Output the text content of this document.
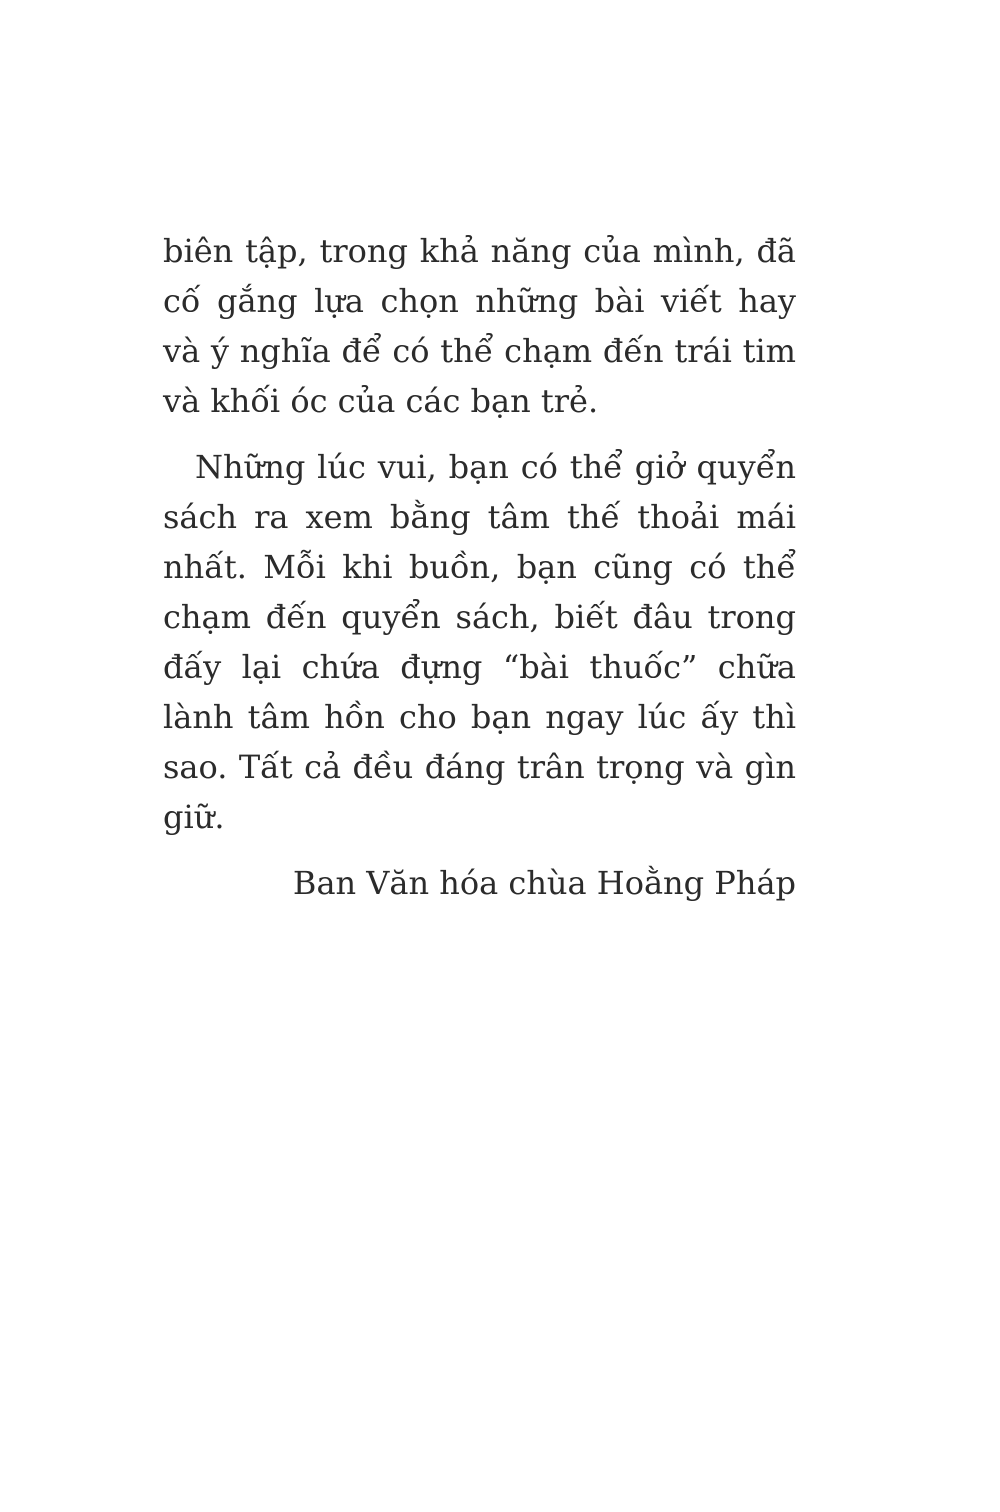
biên tập, trong khả năng của mình, đã cố gắng lựa chọn những bài viết hay và ý nghĩa để có thể chạm đến trái tim và khối óc của các bạn trẻ.

Những lúc vui, bạn có thể giở quyển sách ra xem bằng tâm thế thoải mái nhất. Mỗi khi buồn, bạn cũng có thể chạm đến quyển sách, biết đâu trong đấy lại chứa đựng “bài thuốc” chữa lành tâm hồn cho bạn ngay lúc ấy thì sao. Tất cả đều đáng trân trọng và gìn giữ.

Ban Văn hóa chùa Hoằng Pháp
